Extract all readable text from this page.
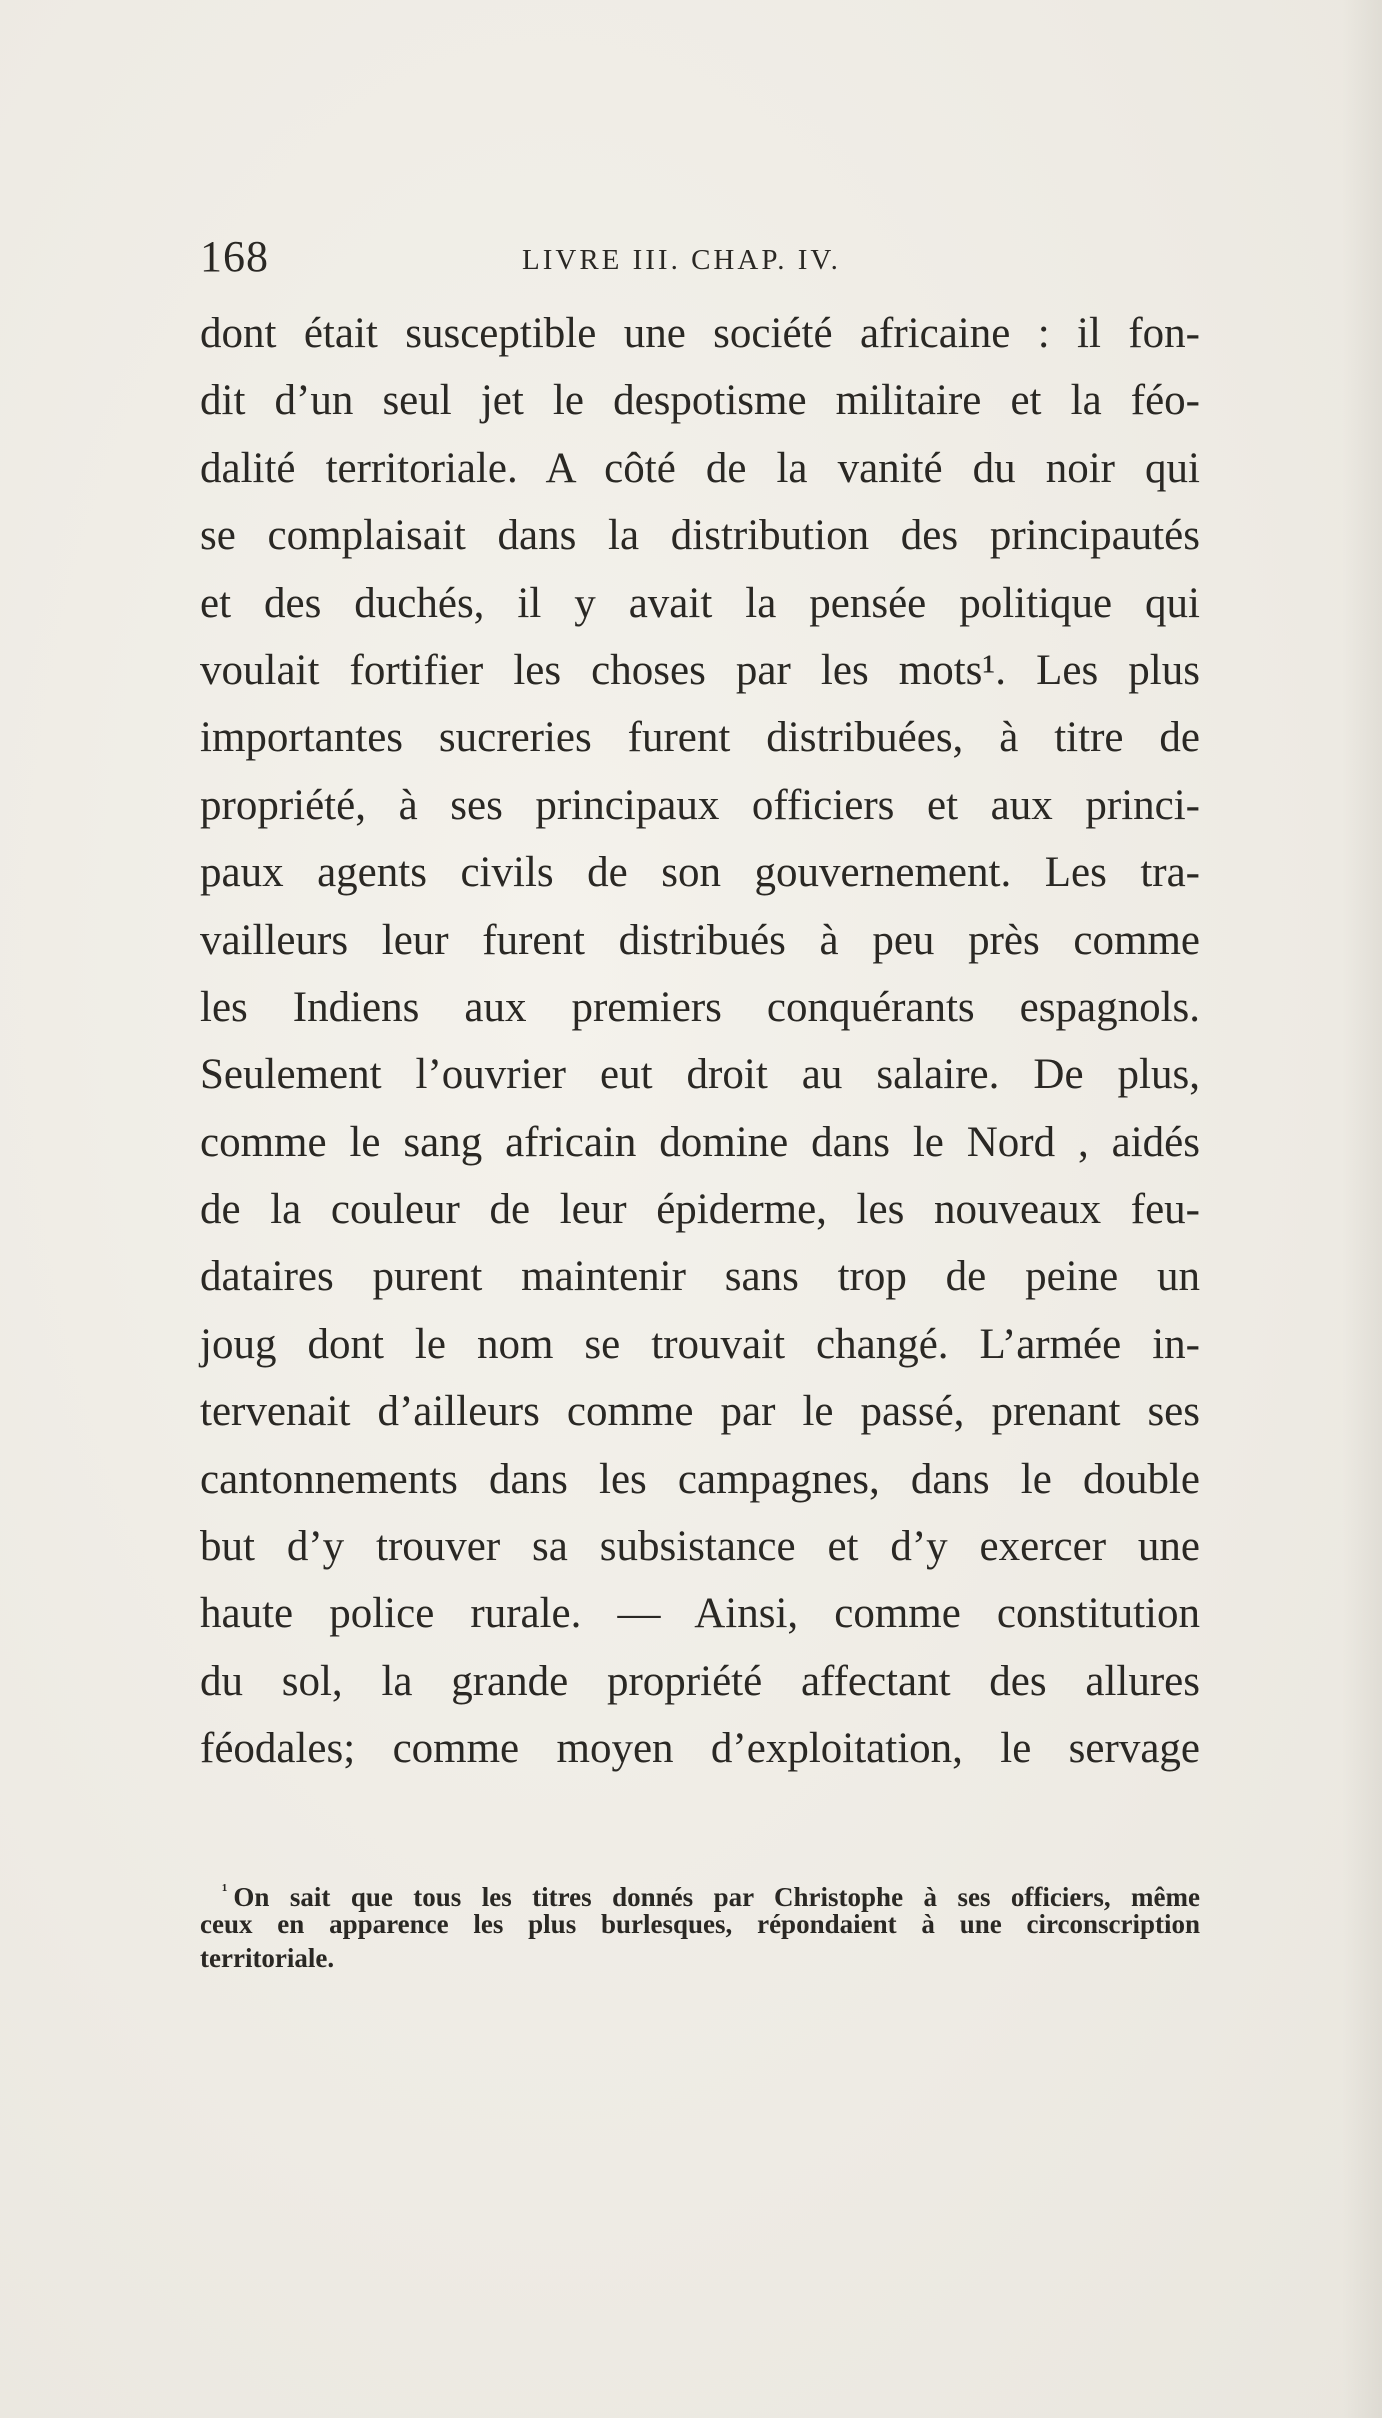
168	LIVRE III. CHAP. IV.
dont était susceptible une société africaine : il fon-
dit d’un seul jet le despotisme militaire et la féo-
dalité territoriale. A côté de la vanité du noir qui
se complaisait dans la distribution des principautés
et des duchés, il y avait la pensée politique qui
voulait fortifier les choses par les mots¹. Les plus
importantes sucreries furent distribuées, à titre de
propriété, à ses principaux officiers et aux princi-
paux agents civils de son gouvernement. Les tra-
vailleurs leur furent distribués à peu près comme
les Indiens aux premiers conquérants espagnols.
Seulement l’ouvrier eut droit au salaire. De plus,
comme le sang africain domine dans le Nord , aidés
de la couleur de leur épiderme, les nouveaux feu-
dataires purent maintenir sans trop de peine un
joug dont le nom se trouvait changé. L’armée in-
tervenait d’ailleurs comme par le passé, prenant ses
cantonnements dans les campagnes, dans le double
but d’y trouver sa subsistance et d’y exercer une
haute police rurale. — Ainsi, comme constitution
du sol, la grande propriété affectant des allures
féodales; comme moyen d’exploitation, le servage
$^{^1}$ On sait que tous les titres donnés par Christophe à ses officiers, même
ceux en apparence les plus burlesques, répondaient à une circonscription
territoriale.
